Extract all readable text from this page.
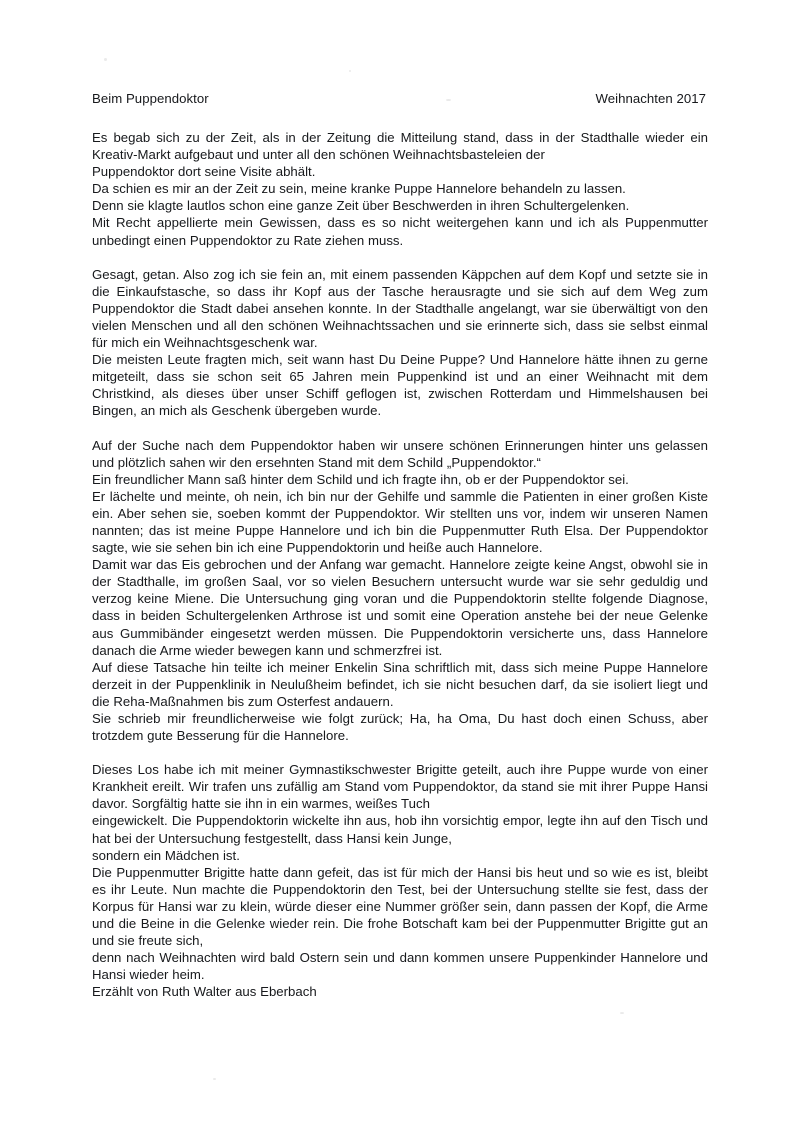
Beim Puppendoktor	Weihnachten 2017

Es begab sich zu der Zeit, als in der Zeitung die Mitteilung stand, dass in der Stadthalle wieder ein Kreativ-Markt aufgebaut und unter all den schönen Weihnachtsbasteleien der

Puppendoktor dort seine Visite abhält.

Da schien es mir an der Zeit zu sein, meine kranke Puppe Hannelore behandeln zu lassen.

Denn sie klagte lautlos schon eine ganze Zeit über Beschwerden in ihren Schultergelenken.

Mit Recht appellierte mein Gewissen, dass es so nicht weitergehen kann und ich als Puppenmutter unbedingt einen Puppendoktor zu Rate ziehen muss.

Gesagt, getan. Also zog ich sie fein an, mit einem passenden Käppchen auf dem Kopf und setzte sie in die Einkaufstasche, so dass ihr Kopf aus der Tasche herausragte und sie sich auf dem Weg zum Puppendoktor die Stadt dabei ansehen konnte. In der Stadthalle angelangt, war sie überwältigt von den vielen Menschen und all den schönen Weihnachtssachen und sie erinnerte sich, dass sie selbst einmal für mich ein Weihnachtsgeschenk war.

Die meisten Leute fragten mich, seit wann hast Du Deine Puppe? Und Hannelore hätte ihnen zu gerne mitgeteilt, dass sie schon seit 65 Jahren mein Puppenkind ist und an einer Weihnacht mit dem Christkind, als dieses über unser Schiff geflogen ist, zwischen Rotterdam und Himmelshausen bei Bingen, an mich als Geschenk übergeben wurde.

Auf der Suche nach dem Puppendoktor haben wir unsere schönen Erinnerungen hinter uns gelassen und plötzlich sahen wir den ersehnten Stand mit dem Schild „Puppendoktor.“

Ein freundlicher Mann saß hinter dem Schild und ich fragte ihn, ob er der Puppendoktor sei.

Er lächelte und meinte, oh nein, ich bin nur der Gehilfe und sammle die Patienten in einer großen Kiste ein. Aber sehen sie, soeben kommt der Puppendoktor. Wir stellten uns vor, indem wir unseren Namen nannten; das ist meine Puppe Hannelore und ich bin die Puppenmutter Ruth Elsa. Der Puppendoktor sagte, wie sie sehen bin ich eine Puppendoktorin und heiße auch Hannelore.

Damit war das Eis gebrochen und der Anfang war gemacht. Hannelore zeigte keine Angst, obwohl sie in der Stadthalle, im großen Saal, vor so vielen Besuchern untersucht wurde war sie sehr geduldig und verzog keine Miene. Die Untersuchung ging voran und die Puppendoktorin stellte folgende Diagnose, dass in beiden Schultergelenken Arthrose ist und somit eine Operation anstehe bei der neue Gelenke aus Gummibänder eingesetzt werden müssen. Die Puppendoktorin versicherte uns, dass Hannelore danach die Arme wieder bewegen kann und schmerzfrei ist.

Auf diese Tatsache hin teilte ich meiner Enkelin Sina schriftlich mit, dass sich meine Puppe Hannelore derzeit in der Puppenklinik in Neulußheim befindet, ich sie nicht besuchen darf, da sie isoliert liegt und die Reha-Maßnahmen bis zum Osterfest andauern.

Sie schrieb mir freundlicherweise wie folgt zurück; Ha, ha Oma, Du hast doch einen Schuss, aber trotzdem gute Besserung für die Hannelore.

Dieses Los habe ich mit meiner Gymnastikschwester Brigitte geteilt, auch ihre Puppe wurde von einer Krankheit ereilt. Wir trafen uns zufällig am Stand vom Puppendoktor, da stand sie mit ihrer Puppe Hansi davor. Sorgfältig hatte sie ihn in ein warmes, weißes Tuch

eingewickelt. Die Puppendoktorin wickelte ihn aus, hob ihn vorsichtig empor, legte ihn auf den Tisch und hat bei der Untersuchung festgestellt, dass Hansi kein Junge,

sondern ein Mädchen ist.

Die Puppenmutter Brigitte hatte dann gefeit, das ist für mich der Hansi bis heut und so wie es ist, bleibt es ihr Leute. Nun machte die Puppendoktorin den Test, bei der Untersuchung stellte sie fest, dass der Korpus für Hansi war zu klein, würde dieser eine Nummer größer sein, dann passen der Kopf, die Arme und die Beine in die Gelenke wieder rein. Die frohe Botschaft kam bei der Puppenmutter Brigitte gut an und sie freute sich,

denn nach Weihnachten wird bald Ostern sein und dann kommen unsere Puppenkinder Hannelore und Hansi wieder heim.

Erzählt von Ruth Walter aus Eberbach
